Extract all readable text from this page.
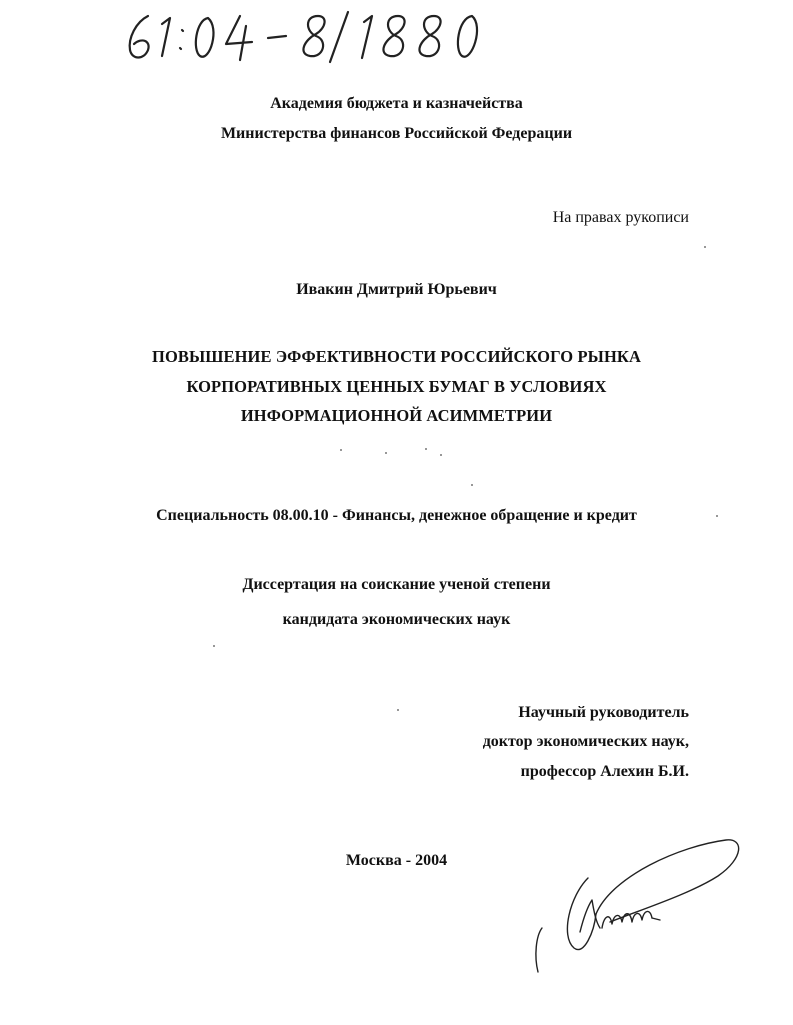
Академия бюджета и казначейства
Министерства финансов Российской Федерации
На правах рукописи
Ивакин Дмитрий Юрьевич
ПОВЫШЕНИЕ ЭФФЕКТИВНОСТИ РОССИЙСКОГО РЫНКА
КОРПОРАТИВНЫХ ЦЕННЫХ БУМАГ В УСЛОВИЯХ
ИНФОРМАЦИОННОЙ АСИММЕТРИИ
Специальность 08.00.10 - Финансы, денежное обращение и кредит
Диссертация на соискание ученой степени
кандидата экономических наук
Научный руководитель
доктор экономических наук,
профессор Алехин Б.И.
Москва - 2004
